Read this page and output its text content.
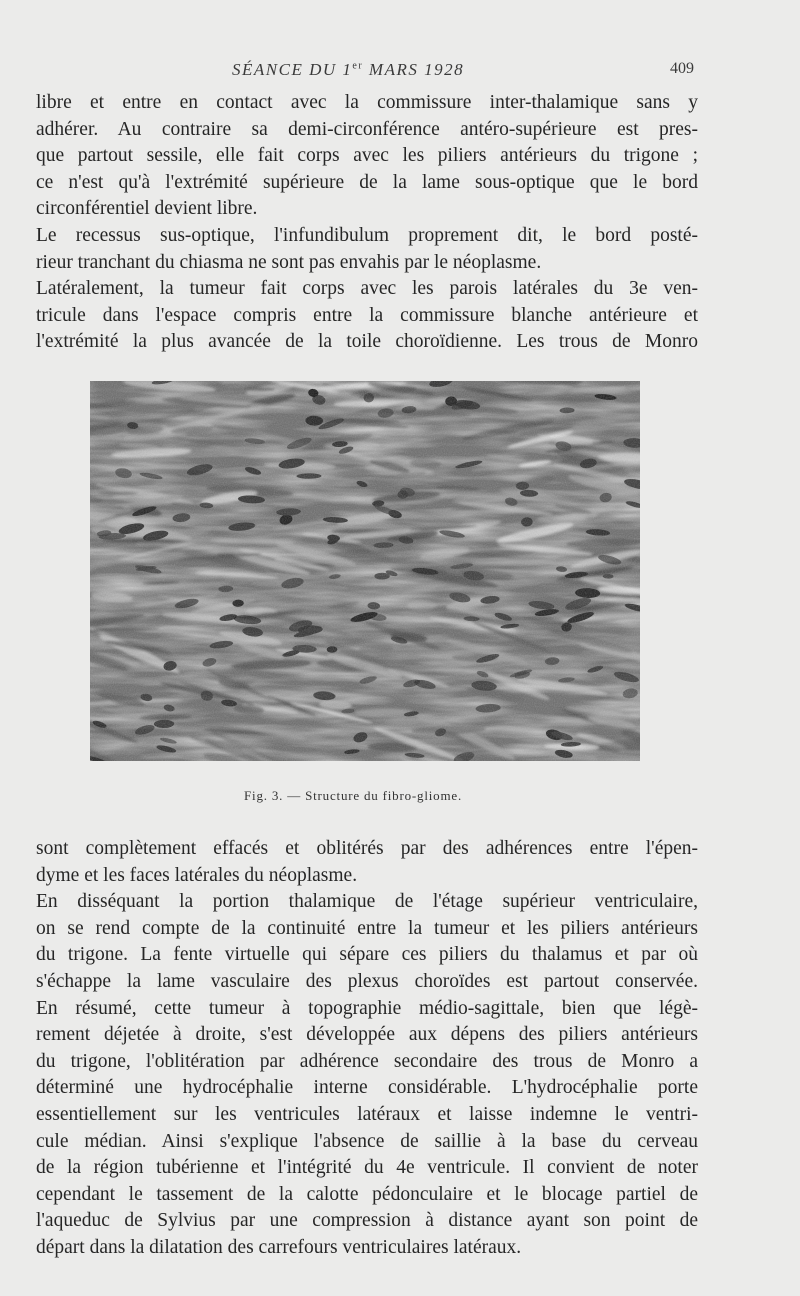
SÉANCE DU 1er MARS 1928	409
libre et entre en contact avec la commissure inter-thalamique sans y
adhérer. Au contraire sa demi-circonférence antéro-supérieure est pres-
que partout sessile, elle fait corps avec les piliers antérieurs du trigone ;
ce n'est qu'à l'extrémité supérieure de la lame sous-optique que le bord
circonférentiel devient libre.
Le recessus sus-optique, l'infundibulum proprement dit, le bord posté-
rieur tranchant du chiasma ne sont pas envahis par le néoplasme.
Latéralement, la tumeur fait corps avec les parois latérales du 3e ven-
tricule dans l'espace compris entre la commissure blanche antérieure et
l'extrémité la plus avancée de la toile choroïdienne. Les trous de Monro
Fig. 3. — Structure du fibro-gliome.
sont complètement effacés et oblitérés par des adhérences entre l'épen-
dyme et les faces latérales du néoplasme.
En disséquant la portion thalamique de l'étage supérieur ventriculaire,
on se rend compte de la continuité entre la tumeur et les piliers antérieurs
du trigone. La fente virtuelle qui sépare ces piliers du thalamus et par où
s'échappe la lame vasculaire des plexus choroïdes est partout conservée.
En résumé, cette tumeur à topographie médio-sagittale, bien que légè-
rement déjetée à droite, s'est développée aux dépens des piliers antérieurs
du trigone, l'oblitération par adhérence secondaire des trous de Monro a
déterminé une hydrocéphalie interne considérable. L'hydrocéphalie porte
essentiellement sur les ventricules latéraux et laisse indemne le ventri-
cule médian. Ainsi s'explique l'absence de saillie à la base du cerveau
de la région tubérienne et l'intégrité du 4e ventricule. Il convient de noter
cependant le tassement de la calotte pédonculaire et le blocage partiel de
l'aqueduc de Sylvius par une compression à distance ayant son point de
départ dans la dilatation des carrefours ventriculaires latéraux.
